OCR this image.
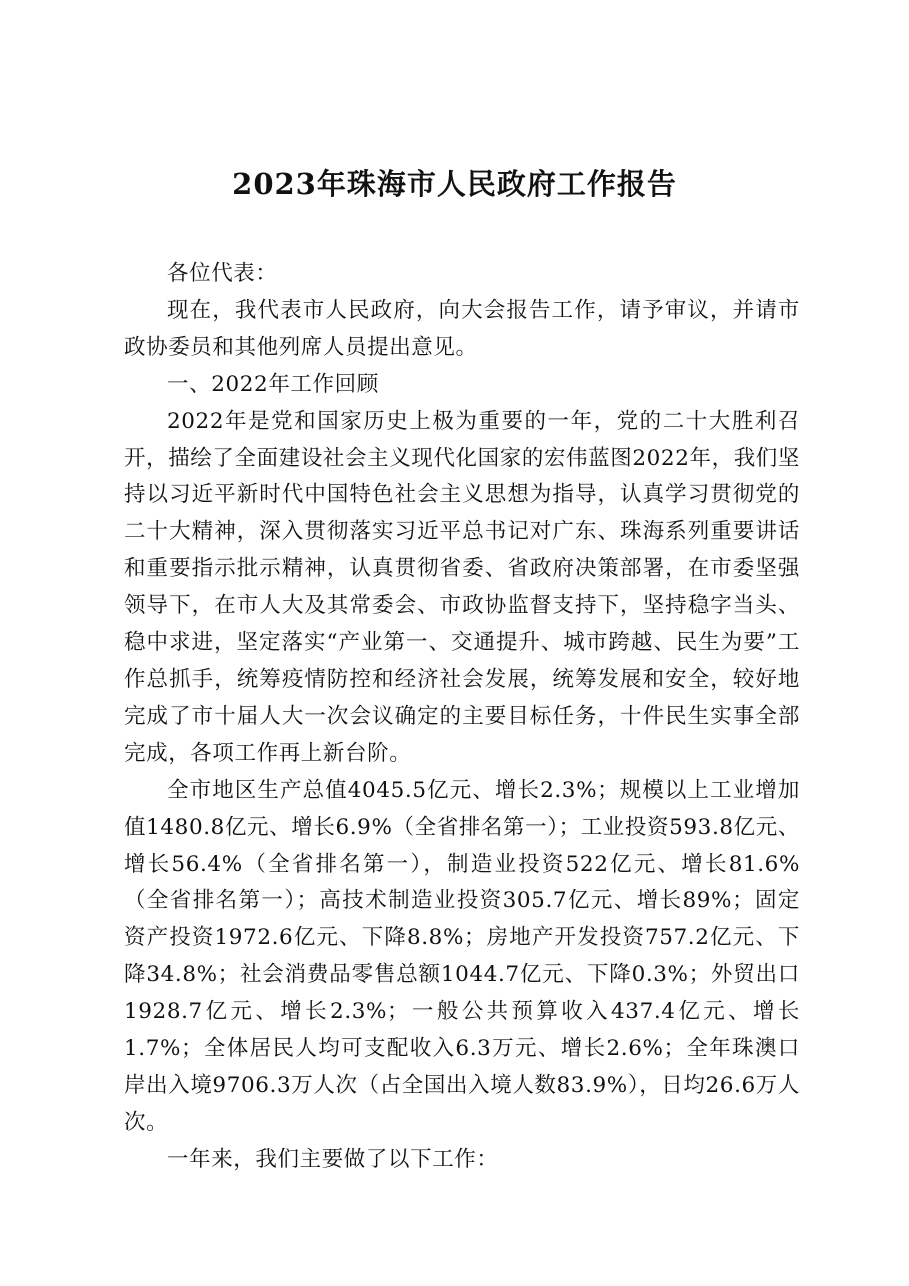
2023年珠海市人民政府工作报告

各位代表：

现在，我代表市人民政府，向大会报告工作，请予审议，并请市政协委员和其他列席人员提出意见。

一、2022年工作回顾

2022年是党和国家历史上极为重要的一年，党的二十大胜利召开，描绘了全面建设社会主义现代化国家的宏伟蓝图2022年，我们坚持以习近平新时代中国特色社会主义思想为指导，认真学习贯彻党的二十大精神，深入贯彻落实习近平总书记对广东、珠海系列重要讲话和重要指示批示精神，认真贯彻省委、省政府决策部署，在市委坚强领导下，在市人大及其常委会、市政协监督支持下，坚持稳字当头、稳中求进，坚定落实“产业第一、交通提升、城市跨越、民生为要”工作总抓手，统筹疫情防控和经济社会发展，统筹发展和安全，较好地完成了市十届人大一次会议确定的主要目标任务，十件民生实事全部完成，各项工作再上新台阶。

全市地区生产总值4045.5亿元、增长2.3%；规模以上工业增加值1480.8亿元、增长6.9%（全省排名第一）；工业投资593.8亿元、增长56.4%（全省排名第一），制造业投资522亿元、增长81.6%（全省排名第一）；高技术制造业投资305.7亿元、增长89%；固定资产投资1972.6亿元、下降8.8%；房地产开发投资757.2亿元、下降34.8%；社会消费品零售总额1044.7亿元、下降0.3%；外贸出口1928.7亿元、增长2.3%；一般公共预算收入437.4亿元、增长1.7%；全体居民人均可支配收入6.3万元、增长2.6%；全年珠澳口岸出入境9706.3万人次（占全国出入境人数83.9%），日均26.6万人次。

一年来，我们主要做了以下工作：
